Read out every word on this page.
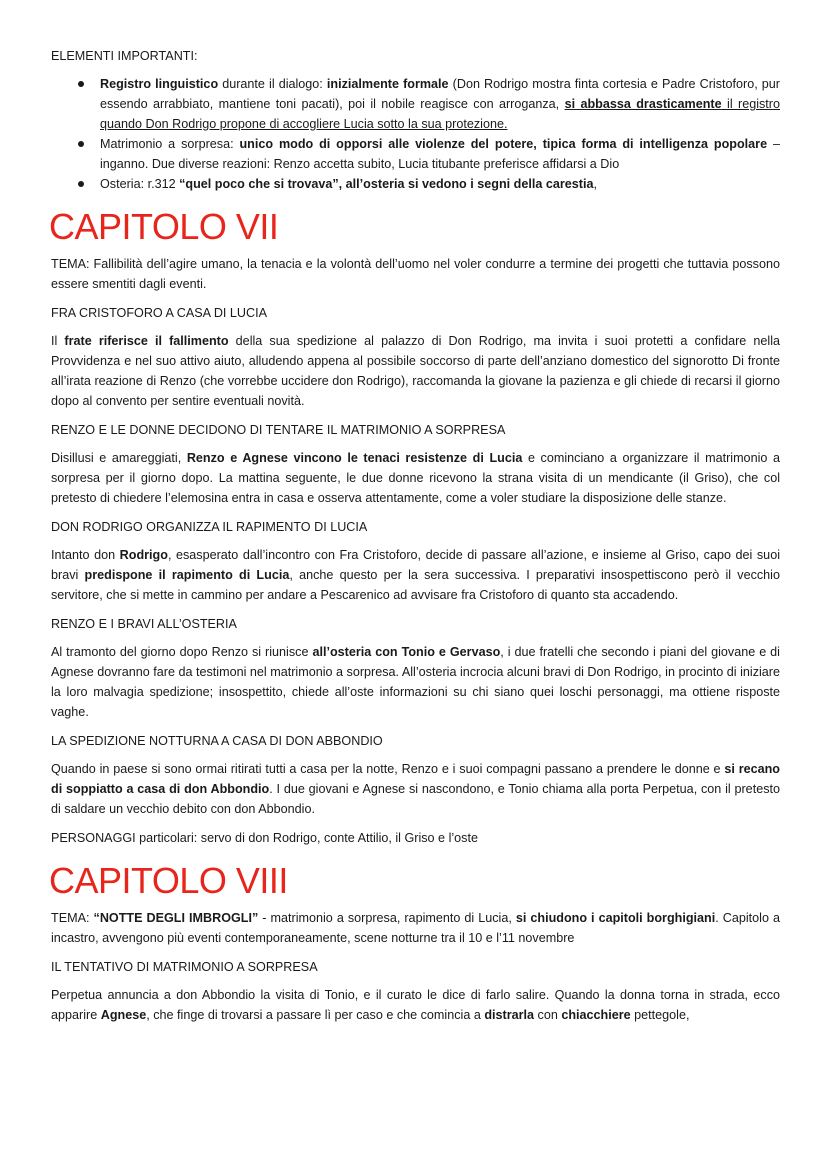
ELEMENTI IMPORTANTI:

Registro linguistico durante il dialogo: inizialmente formale (Don Rodrigo mostra finta cortesia e Padre Cristoforo, pur essendo arrabbiato, mantiene toni pacati), poi il nobile reagisce con arroganza, si abbassa drasticamente il registro quando Don Rodrigo propone di accogliere Lucia sotto la sua protezione.
Matrimonio a sorpresa: unico modo di opporsi alle violenze del potere, tipica forma di intelligenza popolare – inganno. Due diverse reazioni: Renzo accetta subito, Lucia titubante preferisce affidarsi a Dio
Osteria: r.312 “quel poco che si trovava”, all’osteria si vedono i segni della carestia,
CAPITOLO VII

TEMA: Fallibilità dell’agire umano, la tenacia e la volontà dell’uomo nel voler condurre a termine dei progetti che tuttavia possono essere smentiti dagli eventi.

FRA CRISTOFORO A CASA DI LUCIA

Il frate riferisce il fallimento della sua spedizione al palazzo di Don Rodrigo, ma invita i suoi protetti a confidare nella Provvidenza e nel suo attivo aiuto, alludendo appena al possibile soccorso di parte dell’anziano domestico del signorotto Di fronte all’irata reazione di Renzo (che vorrebbe uccidere don Rodrigo), raccomanda la giovane la pazienza e gli chiede di recarsi il giorno dopo al convento per sentire eventuali novità.

RENZO E LE DONNE DECIDONO DI TENTARE IL MATRIMONIO A SORPRESA

Disillusi e amareggiati, Renzo e Agnese vincono le tenaci resistenze di Lucia e cominciano a organizzare il matrimonio a sorpresa per il giorno dopo. La mattina seguente, le due donne ricevono la strana visita di un mendicante (il Griso), che col pretesto di chiedere l’elemosina entra in casa e osserva attentamente, come a voler studiare la disposizione delle stanze.

DON RODRIGO ORGANIZZA IL RAPIMENTO DI LUCIA

Intanto don Rodrigo, esasperato dall’incontro con Fra Cristoforo, decide di passare all’azione, e insieme al Griso, capo dei suoi bravi predispone il rapimento di Lucia, anche questo per la sera successiva. I preparativi insospettiscono però il vecchio servitore, che si mette in cammino per andare a Pescarenico ad avvisare fra Cristoforo di quanto sta accadendo.

RENZO E I BRAVI ALL’OSTERIA

Al tramonto del giorno dopo Renzo si riunisce all’osteria con Tonio e Gervaso, i due fratelli che secondo i piani del giovane e di Agnese dovranno fare da testimoni nel matrimonio a sorpresa. All’osteria incrocia alcuni bravi di Don Rodrigo, in procinto di iniziare la loro malvagia spedizione; insospettito, chiede all’oste informazioni su chi siano quei loschi personaggi, ma ottiene risposte vaghe.

LA SPEDIZIONE NOTTURNA A CASA DI DON ABBONDIO

Quando in paese si sono ormai ritirati tutti a casa per la notte, Renzo e i suoi compagni passano a prendere le donne e si recano di soppiatto a casa di don Abbondio. I due giovani e Agnese si nascondono, e Tonio chiama alla porta Perpetua, con il pretesto di saldare un vecchio debito con don Abbondio.

PERSONAGGI particolari: servo di don Rodrigo, conte Attilio, il Griso e l’oste

CAPITOLO VIII

TEMA: “NOTTE DEGLI IMBROGLI” - matrimonio a sorpresa, rapimento di Lucia, si chiudono i capitoli borghigiani. Capitolo a incastro, avvengono più eventi contemporaneamente, scene notturne tra il 10 e l’11 novembre

IL TENTATIVO DI MATRIMONIO A SORPRESA

Perpetua annuncia a don Abbondio la visita di Tonio, e il curato le dice di farlo salire. Quando la donna torna in strada, ecco apparire Agnese, che finge di trovarsi a passare lì per caso e che comincia a distrarla con chiacchiere pettegole,
